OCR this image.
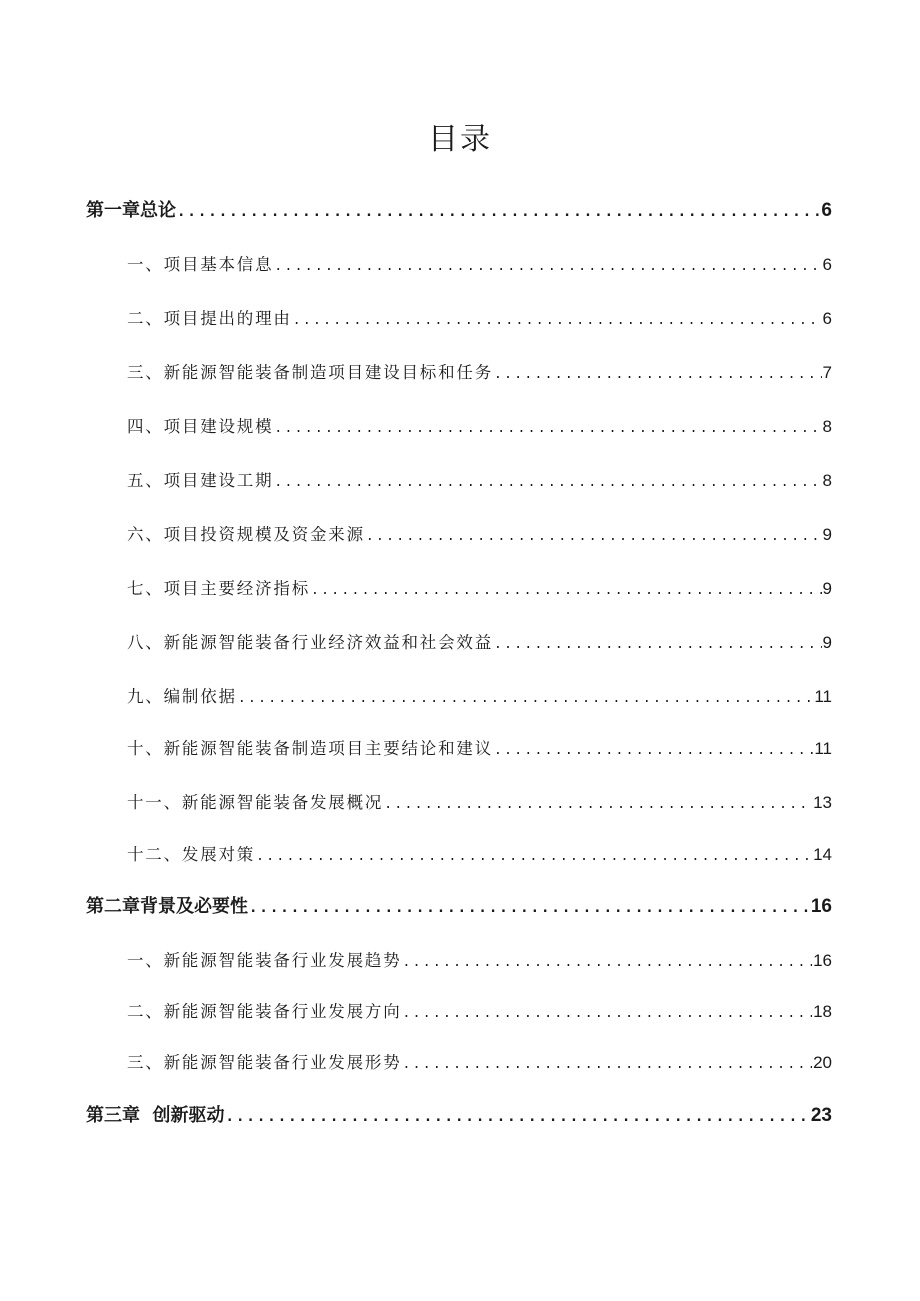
目录
第一章总论 .....	6
一、项目基本信息 .....	6
二、项目提出的理由 .....	6
三、新能源智能装备制造项目建设目标和任务 .....	7
四、项目建设规模 .....	8
五、项目建设工期 .....	8
六、项目投资规模及资金来源 .....	9
七、项目主要经济指标 .....	9
八、新能源智能装备行业经济效益和社会效益 .....	9
九、编制依据 .....	11
十、新能源智能装备制造项目主要结论和建议 .....	11
十一、新能源智能装备发展概况 .....	13
十二、发展对策 .....	14
第二章背景及必要性 .....	16
一、新能源智能装备行业发展趋势 .....	16
二、新能源智能装备行业发展方向 .....	18
三、新能源智能装备行业发展形势 .....	20
第三章  创新驱动 .....	23
